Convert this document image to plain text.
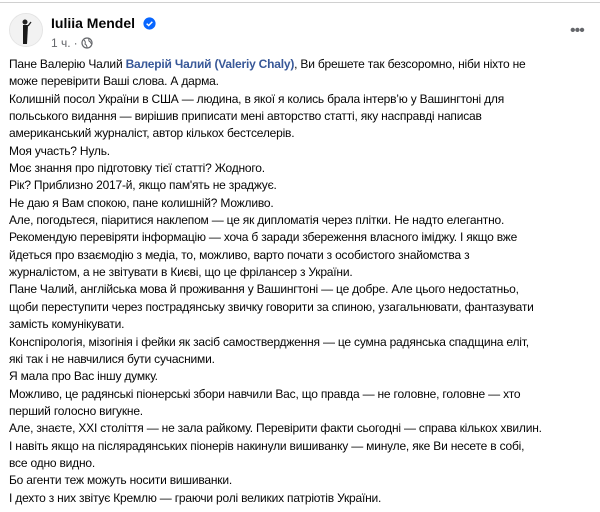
Iuliia Mendel
1 ч. ·
•••
Пане Валерію Чалий Валерій Чалий (Valeriy Chaly), Ви брешете так безсоромно, ніби ніхто не
може перевірити Ваші слова. А дарма.
Колишній посол України в США — людина, в якої я колись брала інтерв’ю у Вашингтоні для
польського видання — вирішив приписати мені авторство статті, яку насправді написав
американський журналіст, автор кількох бестселерів.
Моя участь? Нуль.
Моє знання про підготовку тієї статті? Жодного.
Рік? Приблизно 2017-й, якщо пам'ять не зраджує.
Не даю я Вам спокою, пане колишній? Можливо.
Але, погодьтеся, піаритися наклепом — це як дипломатія через плітки. Не надто елегантно.
Рекомендую перевіряти інформацію — хоча б заради збереження власного іміджу. І якщо вже
йдеться про взаємодію з медіа, то, можливо, варто почати з особистого знайомства з
журналістом, а не звітувати в Києві, що це фрілансер з України.
Пане Чалий, англійська мова й проживання у Вашингтоні — це добре. Але цього недостатньо,
щоби переступити через пострадянську звичку говорити за спиною, узагальнювати, фантазувати
замість комунікувати.
Конспірологія, мізогінія і фейки як засіб самоствердження — це сумна радянська спадщина еліт,
які так і не навчилися бути сучасними.
Я мала про Вас іншу думку.
Можливо, це радянські піонерські збори навчили Вас, що правда — не головне, головне — хто
перший голосно вигукне.
Але, знаєте, XXI століття — не зала райкому. Перевірити факти сьогодні — справа кількох хвилин.
І навіть якщо на післярадянських піонерів накинули вишиванку — минуле, яке Ви несете в собі,
все одно видно.
Бо агенти теж можуть носити вишиванки.
І дехто з них звітує Кремлю — граючи ролі великих патріотів України.
